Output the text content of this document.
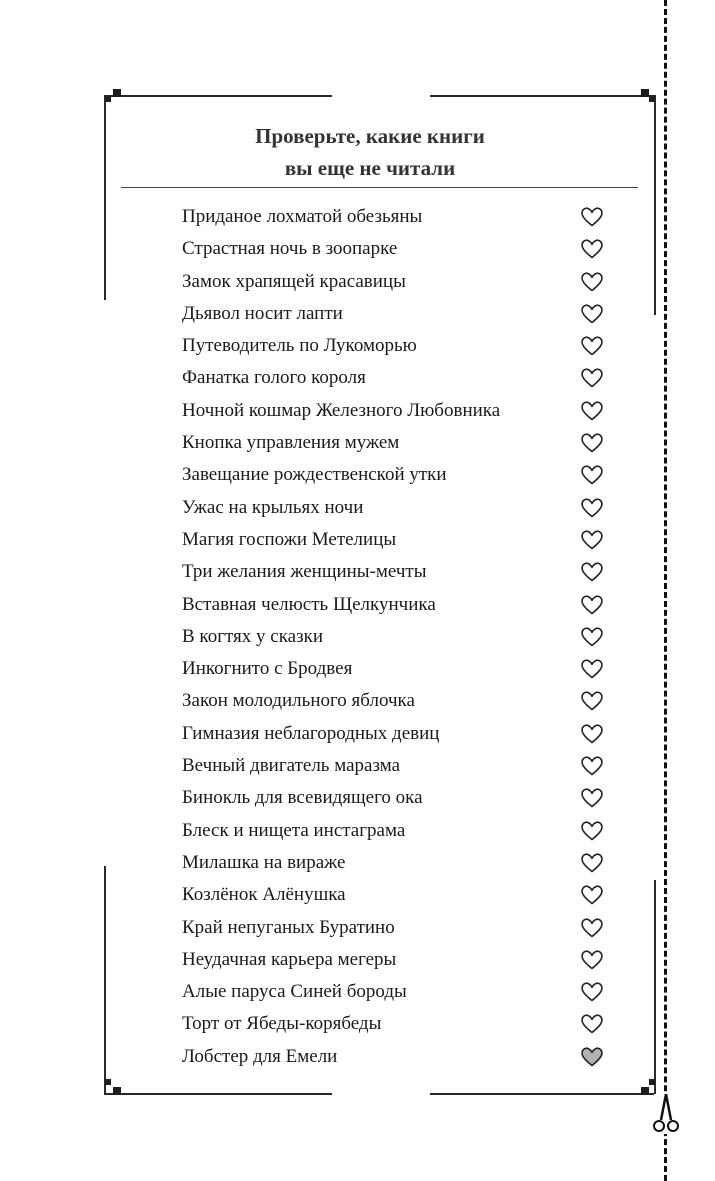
Проверьте, какие книги
вы еще не читали
Приданое лохматой обезьяны
Страстная ночь в зоопарке
Замок храпящей красавицы
Дьявол носит лапти
Путеводитель по Лукоморью
Фанатка голого короля
Ночной кошмар Железного Любовника
Кнопка управления мужем
Завещание рождественской утки
Ужас на крыльях ночи
Магия госпожи Метелицы
Три желания женщины-мечты
Вставная челюсть Щелкунчика
В когтях у сказки
Инкогнито с Бродвея
Закон молодильного яблочка
Гимназия неблагородных девиц
Вечный двигатель маразма
Бинокль для всевидящего ока
Блеск и нищета инстаграма
Милашка на вираже
Козлёнок Алёнушка
Край непуганых Буратино
Неудачная карьера мегеры
Алые паруса Синей бороды
Торт от Ябеды-корябеды
Лобстер для Емели
